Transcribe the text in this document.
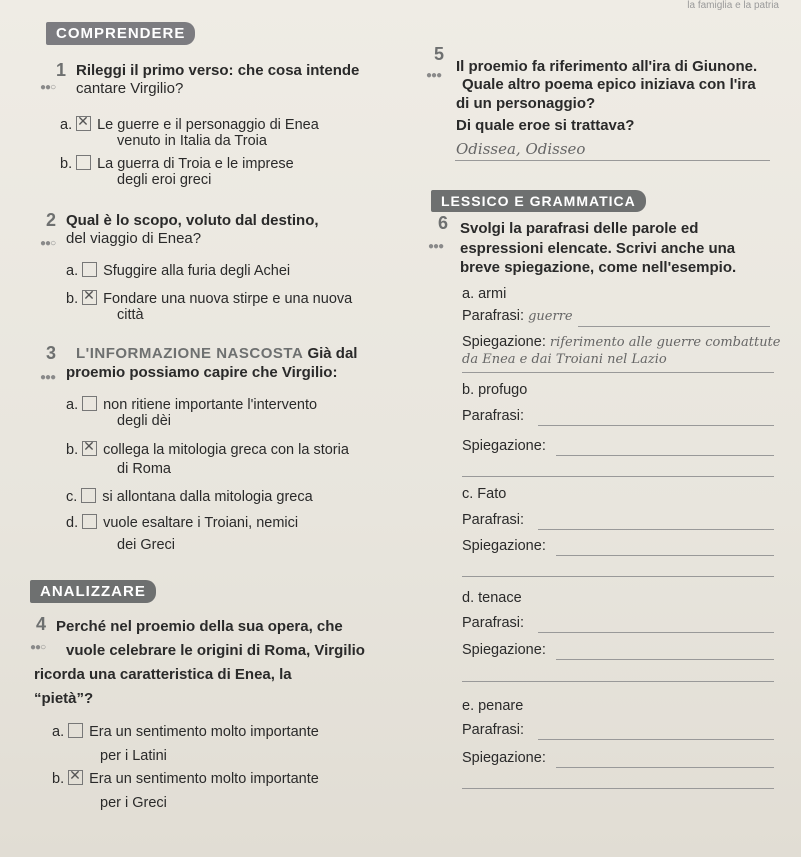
la famiglia e la patria
COMPRENDERE
1
●●○
Rileggi il primo verso: che cosa intende
cantare Virgilio?
a. ✕ Le guerre e il personaggio di Enea
venuto in Italia da Troia
b. La guerra di Troia e le imprese
degli eroi greci
2
●●○
Qual è lo scopo, voluto dal destino,
del viaggio di Enea?
a. Sfuggire alla furia degli Achei
b. ✕ Fondare una nuova stirpe e una nuova
città
3
●●●
L'INFORMAZIONE NASCOSTA Già dal
proemio possiamo capire che Virgilio:
a. non ritiene importante l'intervento
degli dèi
b. ✕ collega la mitologia greca con la storia
di Roma
c. si allontana dalla mitologia greca
d. vuole esaltare i Troiani, nemici
dei Greci
ANALIZZARE
4
●●○
Perché nel proemio della sua opera, che
vuole celebrare le origini di Roma, Virgilio
ricorda una caratteristica di Enea, la
“pietà”?
a. Era un sentimento molto importante
per i Latini
b. ✕ Era un sentimento molto importante
per i Greci
5
●●●
Il proemio fa riferimento all'ira di Giunone.
Quale altro poema epico iniziava con l'ira
di un personaggio?
Di quale eroe si trattava?
Odissea, Odisseo
LESSICO E GRAMMATICA
6
●●●
Svolgi la parafrasi delle parole ed
espressioni elencate. Scrivi anche una
breve spiegazione, come nell'esempio.
a. armi
Parafrasi: guerre
Spiegazione: riferimento alle guerre combattute
da Enea e dai Troiani nel Lazio
b. profugo
Parafrasi:
Spiegazione:
c. Fato
Parafrasi:
Spiegazione:
d. tenace
Parafrasi:
Spiegazione:
e. penare
Parafrasi:
Spiegazione:
